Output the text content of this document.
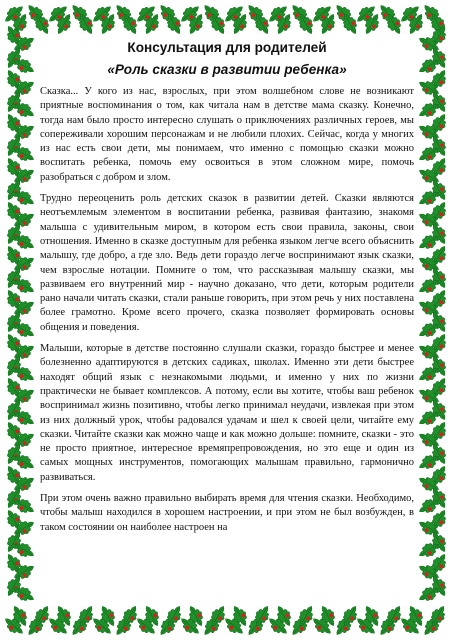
Консультация для родителей
«Роль сказки в развитии ребенка»

Сказка... У кого из нас, взрослых, при этом волшебном слове не возникают приятные воспоминания о том, как читала нам в детстве мама сказку. Конечно, тогда нам было просто интересно слушать о приключениях различных героев, мы сопереживали хорошим персонажам и не любили плохих. Сейчас, когда у многих из нас есть свои дети, мы понимаем, что именно с помощью сказки можно воспитать ребенка, помочь ему освоиться в этом сложном мире, помочь разобраться с добром и злом.

Трудно переоценить роль детских сказок в развитии детей. Сказки являются неотъемлемым элементом в воспитании ребенка, развивая фантазию, знакомя малыша с удивительным миром, в котором есть свои правила, законы, свои отношения. Именно в сказке доступным для ребенка языком легче всего объяснить малышу, где добро, а где зло. Ведь дети гораздо легче воспринимают язык сказки, чем взрослые нотации. Помните о том, что рассказывая малышу сказки, мы развиваем его внутренний мир - научно доказано, что дети, которым родители рано начали читать сказки, стали раньше говорить, при этом речь у них поставлена более грамотно. Кроме всего прочего, сказка позволяет формировать основы общения и поведения.

Малыши, которые в детстве постоянно слушали сказки, гораздо быстрее и менее болезненно адаптируются в детских садиках, школах. Именно эти дети быстрее находят общий язык с незнакомыми людьми, и именно у них по жизни практически не бывает комплексов. А потому, если вы хотите, чтобы ваш ребенок воспринимал жизнь позитивно, чтобы легко принимал неудачи, извлекая при этом из них должный урок, чтобы радовался удачам и шел к своей цели, читайте ему сказки. Читайте сказки как можно чаще и как можно дольше: помните, сказки - это не просто приятное, интересное времяпрепровождения, но это еще и один из самых мощных инструментов, помогающих малышам правильно, гармонично развиваться.

При этом очень важно правильно выбирать время для чтения сказки. Необходимо, чтобы малыш находился в хорошем настроении, и при этом не был возбужден, в таком состоянии он наиболее настроен на
